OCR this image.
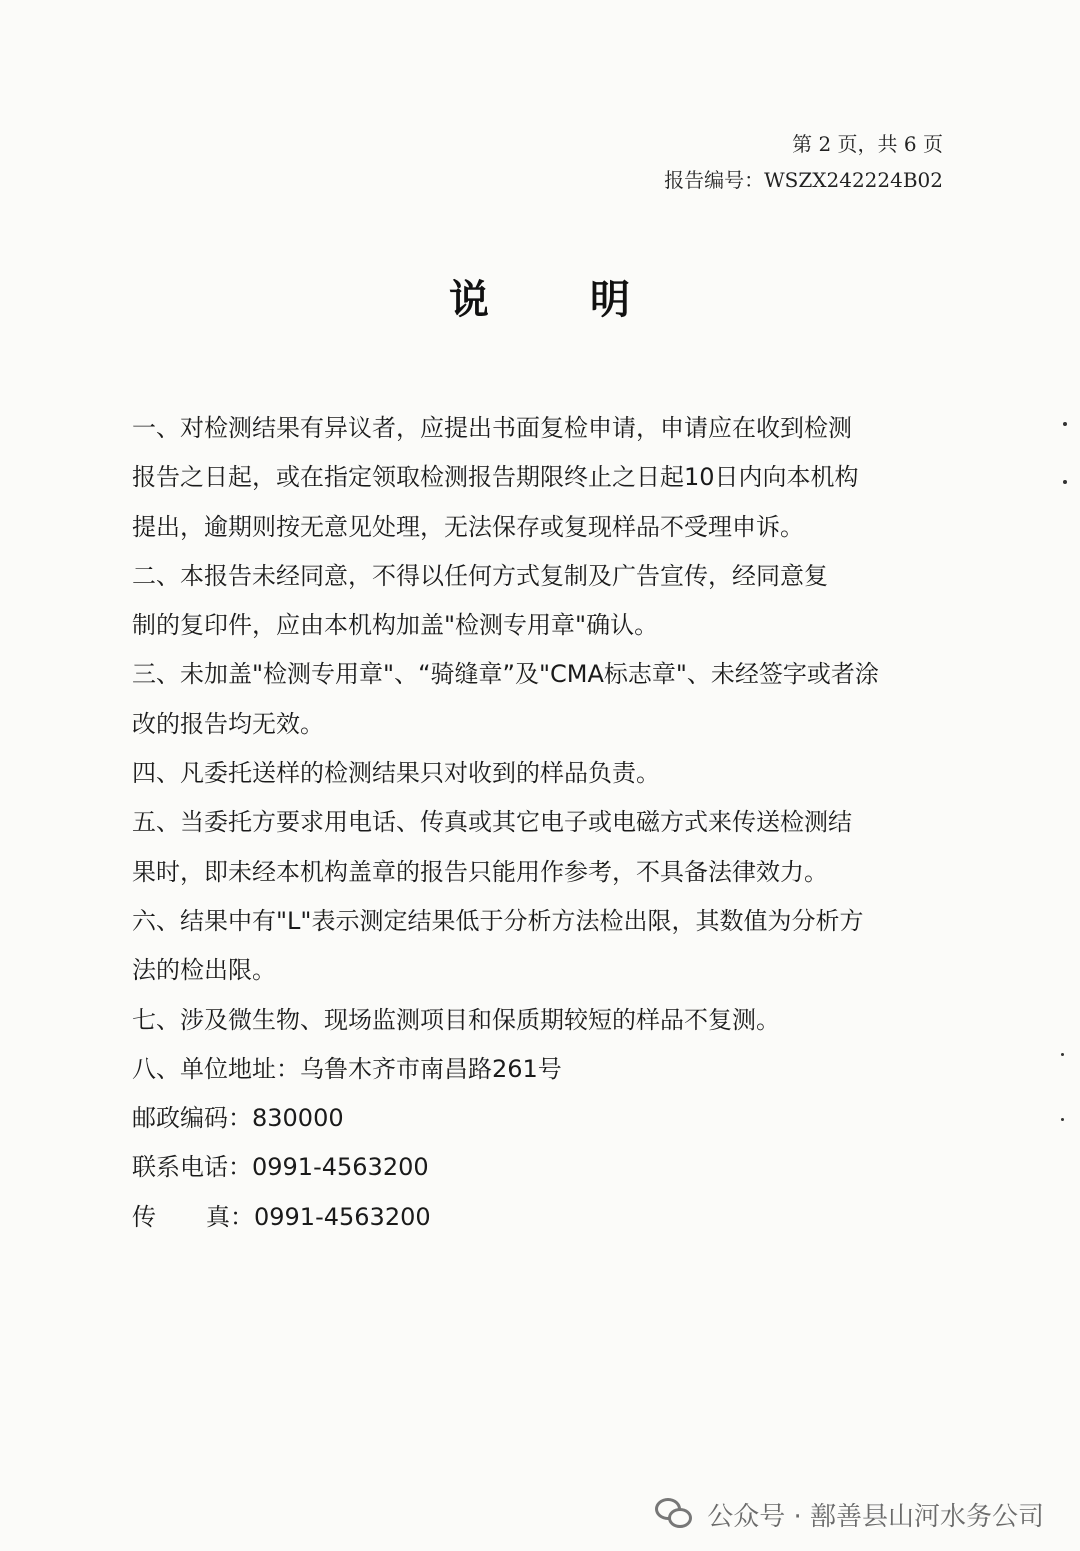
第 2 页，共 6 页
报告编号：WSZX242224B02
说	明

一、对检测结果有异议者，应提出书面复检申请，申请应在收到检测

报告之日起，或在指定领取检测报告期限终止之日起10日内向本机构

提出，逾期则按无意见处理，无法保存或复现样品不受理申诉。

二、本报告未经同意，不得以任何方式复制及广告宣传，经同意复

制的复印件，应由本机构加盖"检测专用章"确认。

三、未加盖"检测专用章"、“骑缝章”及"CMA标志章"、未经签字或者涂

改的报告均无效。

四、凡委托送样的检测结果只对收到的样品负责。

五、当委托方要求用电话、传真或其它电子或电磁方式来传送检测结

果时，即未经本机构盖章的报告只能用作参考，不具备法律效力。

六、结果中有"L"表示测定结果低于分析方法检出限，其数值为分析方

法的检出限。

七、涉及微生物、现场监测项目和保质期较短的样品不复测。

八、单位地址：乌鲁木齐市南昌路261号

邮政编码：830000

联系电话：0991-4563200

传 真：0991-4563200

公众号 · 鄯善县山河水务公司
